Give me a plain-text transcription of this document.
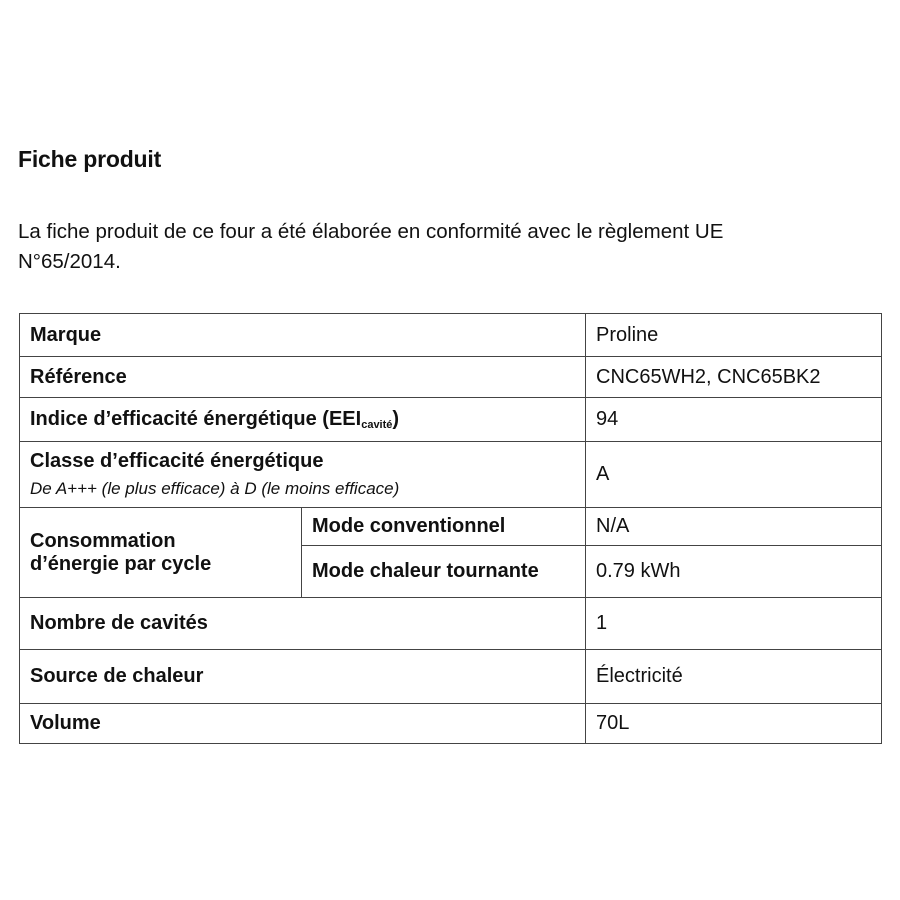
Fiche produit
La fiche produit de ce four a été élaborée en conformité avec le règlement UE
N°65/2014.
Marque		Proline
Référence		CNC65WH2, CNC65BK2
Indice d’efficacité énergétique $(EEI_{cavité})$		94
Classe d’efficacité énergétique
De A+++ (le plus efficace) à D (le moins efficace)		A

Consommation
d’énergie par cycle	Mode conventionnel	N/A
	Mode chaleur tournante	0.79 kWh
Nombre de cavités		1
Source de chaleur		Électricité
Volume		70L
